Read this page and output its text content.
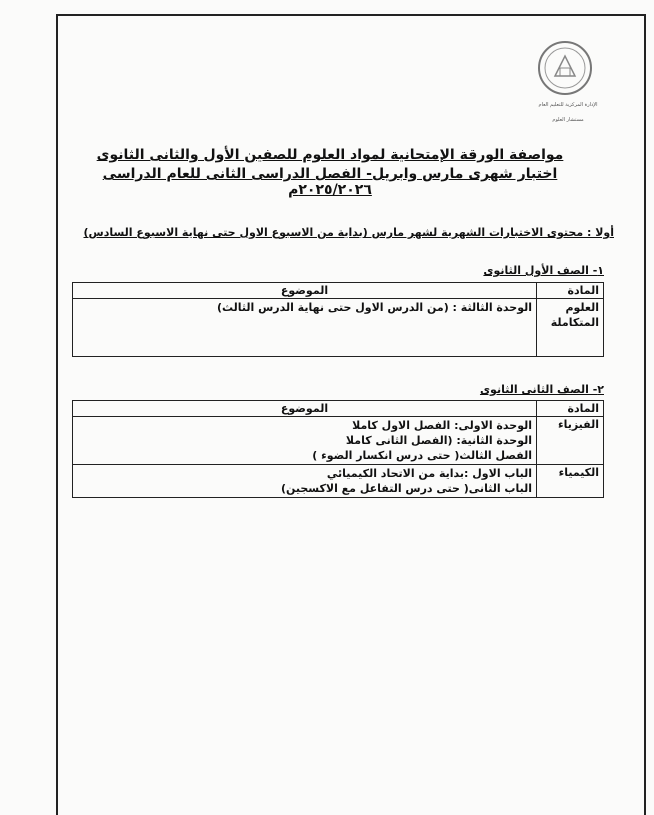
الإدارة المركزية للتعليم العام
مستشار العلوم
مواصفة الورقة الإمتحانية لمواد العلوم للصفين الأول والثانى الثانوى
اختبار شهرى مارس وابريل- الفصل الدراسى الثانى للعام الدراسى ٢٠٢٥/٢٠٢٦م
أولا : محتوى الاختبارات الشهرية لشهر مارس (بداية من الاسبوع الاول حتى نهاية الاسبوع السادس)
١- الصف الأول الثانوى
المادة	الموضوع

العلوم
المتكاملة	الوحدة الثالثة : (من الدرس الاول حتى نهاية الدرس الثالث)
٢- الصف الثانى الثانوى
المادة	الموضوع
الفيزياء	الوحدة الاولى: الفصل الاول كاملا
الوحدة الثانية: (الفصل الثانى كاملا
الفصل الثالث( حتى درس انكسار الضوء )

الكيمياء	الباب الاول :بداية من الاتحاد الكيميائي
الباب الثانى( حتى درس التفاعل مع الاكسجين)
